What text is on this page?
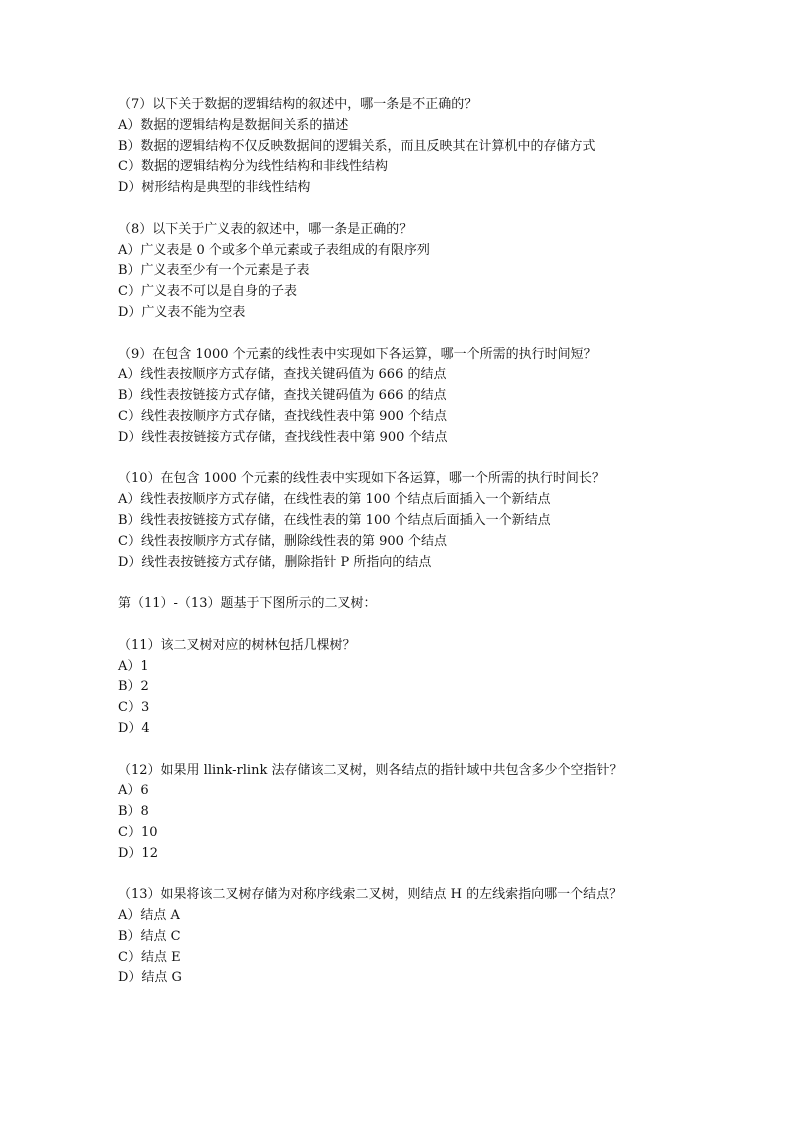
（7）以下关于数据的逻辑结构的叙述中，哪一条是不正确的？
A）数据的逻辑结构是数据间关系的描述
B）数据的逻辑结构不仅反映数据间的逻辑关系，而且反映其在计算机中的存储方式
C）数据的逻辑结构分为线性结构和非线性结构
D）树形结构是典型的非线性结构
（8）以下关于广义表的叙述中，哪一条是正确的？
A）广义表是 0 个或多个单元素或子表组成的有限序列
B）广义表至少有一个元素是子表
C）广义表不可以是自身的子表
D）广义表不能为空表
（9）在包含 1000 个元素的线性表中实现如下各运算，哪一个所需的执行时间短？
A）线性表按顺序方式存储，查找关键码值为 666 的结点
B）线性表按链接方式存储，查找关键码值为 666 的结点
C）线性表按顺序方式存储，查找线性表中第 900 个结点
D）线性表按链接方式存储，查找线性表中第 900 个结点
（10）在包含 1000 个元素的线性表中实现如下各运算，哪一个所需的执行时间长？
A）线性表按顺序方式存储，在线性表的第 100 个结点后面插入一个新结点
B）线性表按链接方式存储，在线性表的第 100 个结点后面插入一个新结点
C）线性表按顺序方式存储，删除线性表的第 900 个结点
D）线性表按链接方式存储，删除指针 P 所指向的结点
第（11）-（13）题基于下图所示的二叉树：
（11）该二叉树对应的树林包括几棵树？
A）1
B）2
C）3
D）4
（12）如果用 llink-rlink 法存储该二叉树，则各结点的指针域中共包含多少个空指针？
A）6
B）8
C）10
D）12
（13）如果将该二叉树存储为对称序线索二叉树，则结点 H 的左线索指向哪一个结点？
A）结点 A
B）结点 C
C）结点 E
D）结点 G
